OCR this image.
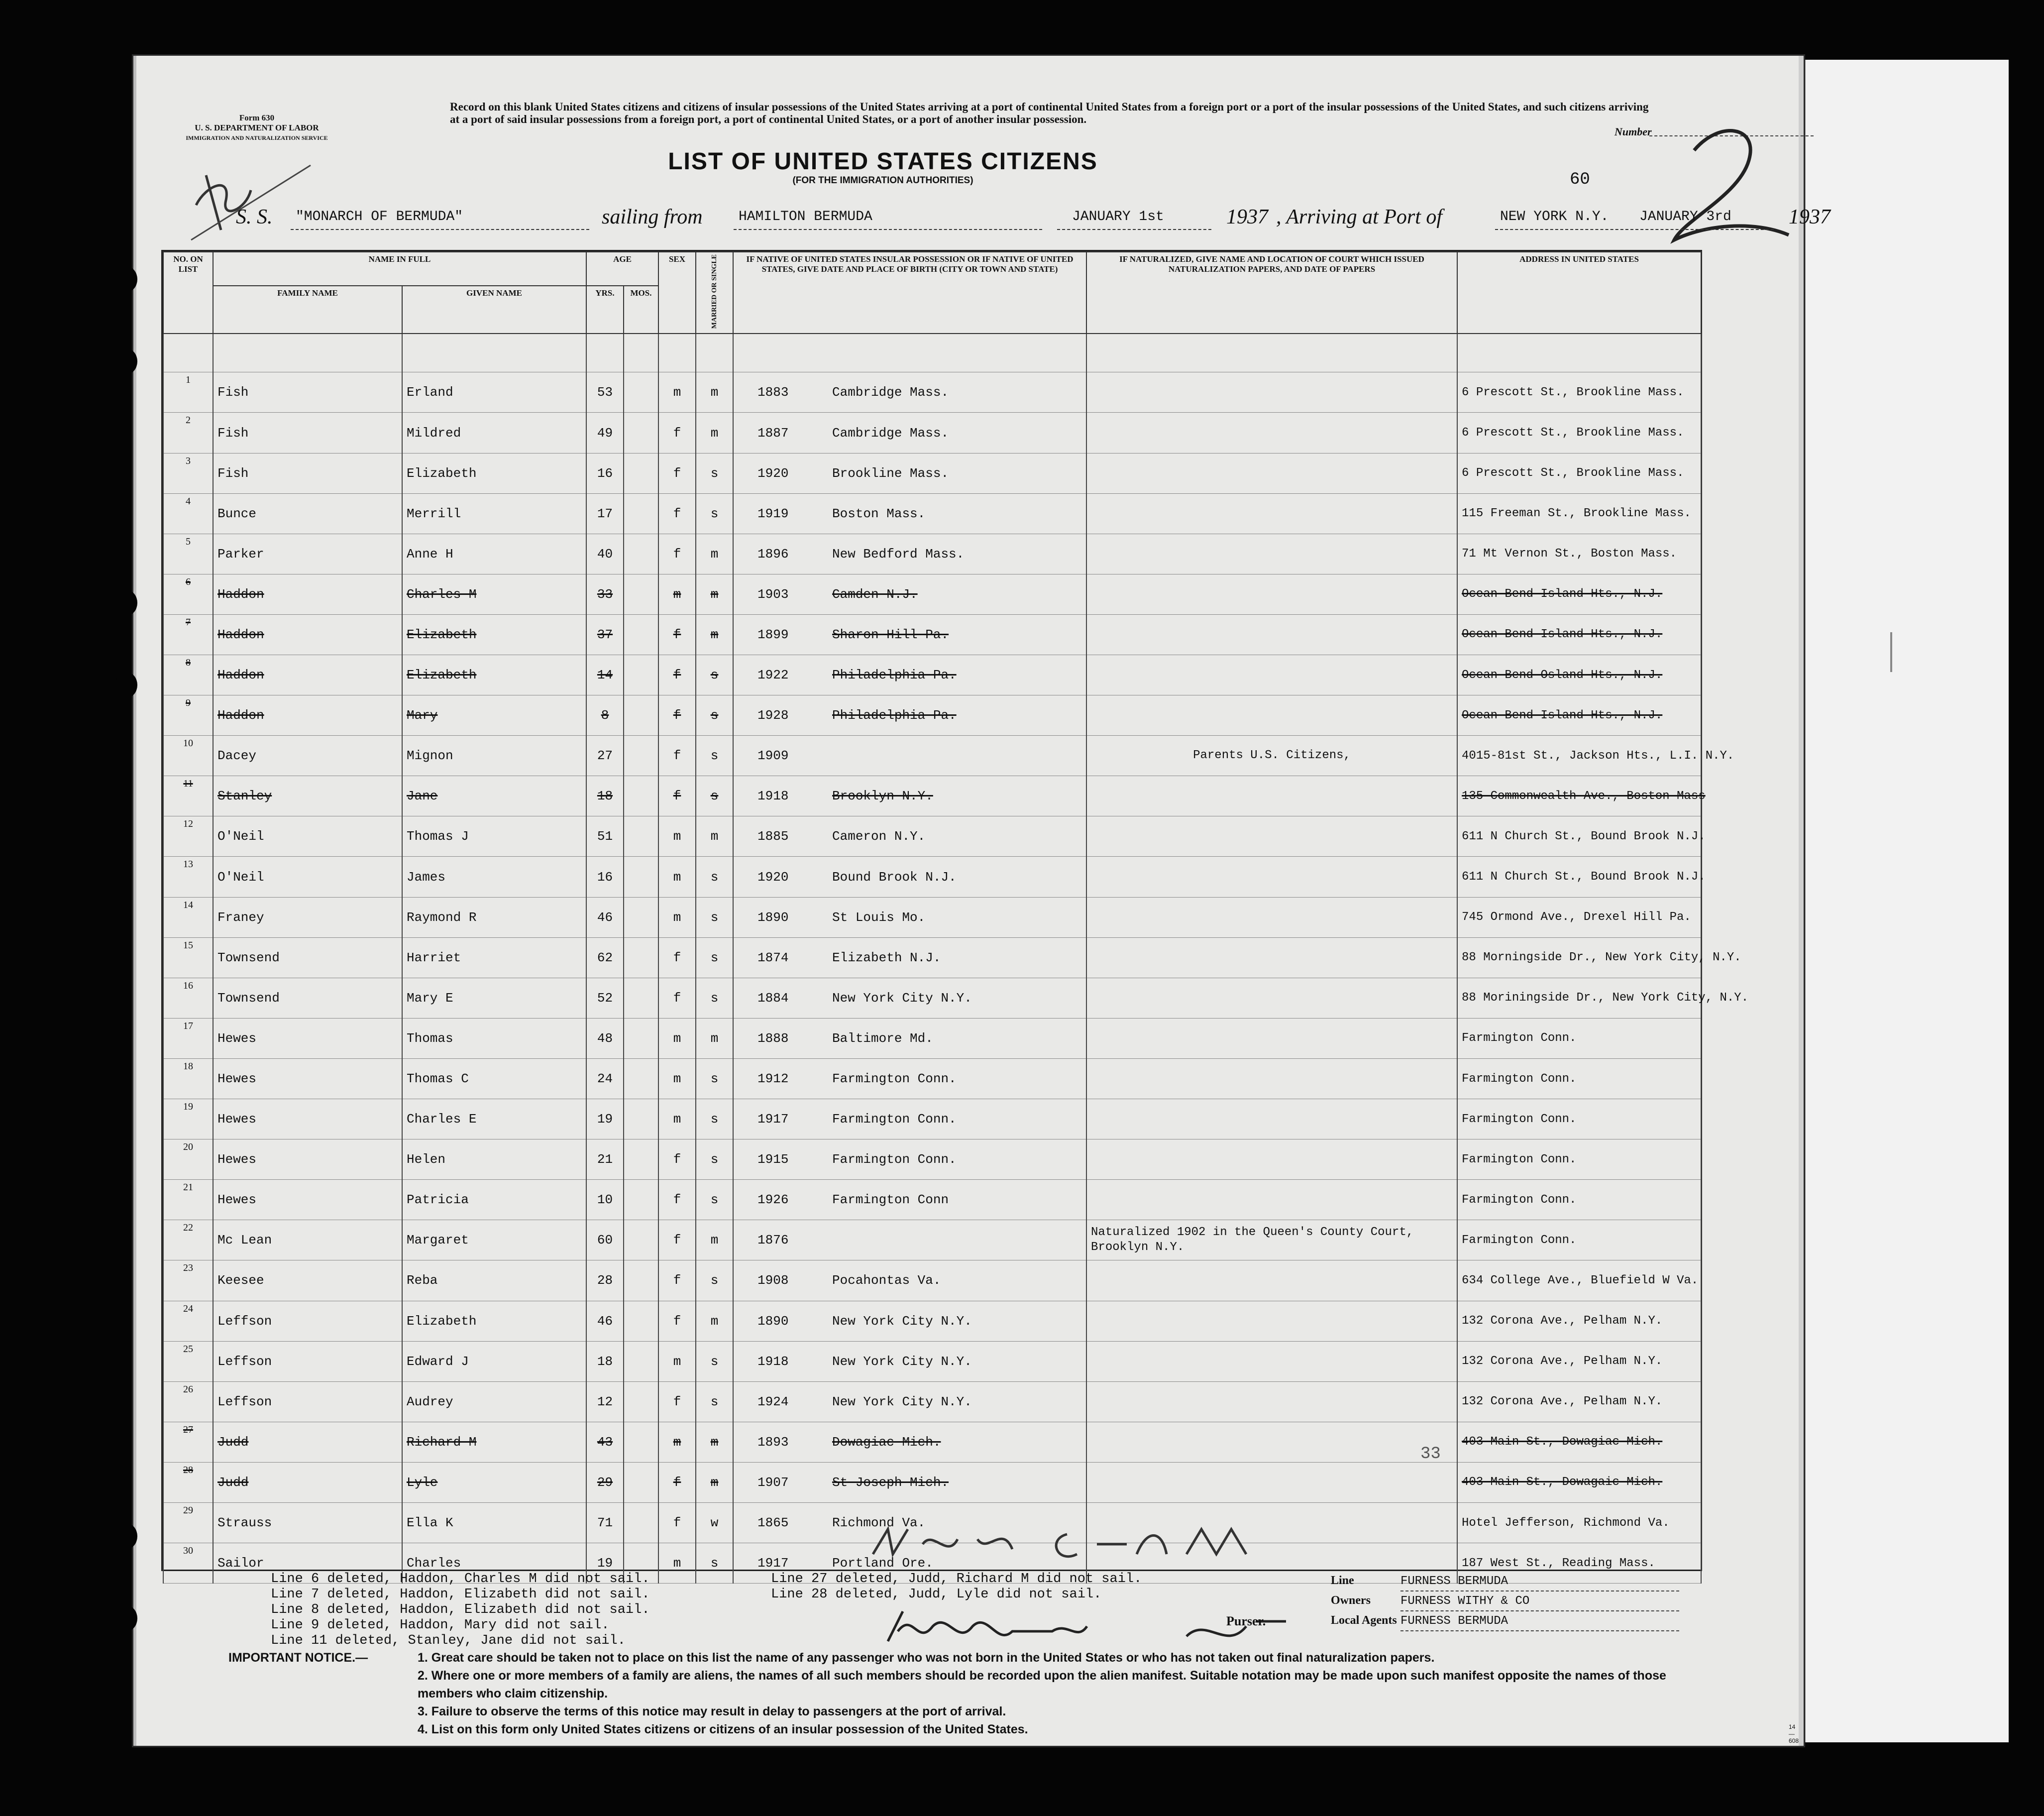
Form 630
U. S. DEPARTMENT OF LABOR
IMMIGRATION AND NATURALIZATION SERVICE
Record on this blank United States citizens and citizens of insular possessions of the United States arriving at a port of continental United States from a foreign port or a port of the insular possessions of the United States, and such citizens arriving at a port of said insular possessions from a foreign port, a port of continental United States, or a port of another insular possession.
Number
LIST OF UNITED STATES CITIZENS
(FOR THE IMMIGRATION AUTHORITIES)	60
S. S. "MONARCH OF BERMUDA"	sailing from	HAMILTON BERMUDA	JANUARY 1st	1937 , Arriving at Port of	NEW YORK N.Y. JANUARY 3rd	1937
NO. ON LIST	NAME IN FULL		AGE		SEX	MARRIED OR SINGLE	IF NATIVE OF UNITED STATES INSULAR POSSESSION OR IF NATIVE OF UNITED STATES, GIVE DATE AND PLACE OF BIRTH (CITY OR TOWN AND STATE)	IF NATURALIZED, GIVE NAME AND LOCATION OF COURT WHICH ISSUED NATURALIZATION PAPERS, AND DATE OF PAPERS	ADDRESS IN UNITED STATES
	FAMILY NAME	GIVEN NAME	YRS.	MOS.					

1	Fish	Erland	53		m	m	1883 Cambridge Mass.		6 Prescott St., Brookline Mass.
2	Fish	Mildred	49		f	m	1887 Cambridge Mass.		6 Prescott St., Brookline Mass.
3	Fish	Elizabeth	16		f	s	1920 Brookline Mass.		6 Prescott St., Brookline Mass.
4	Bunce	Merrill	17		f	s	1919 Boston Mass.		115 Freeman St., Brookline Mass.
5	Parker	Anne H	40		f	m	1896 New Bedford Mass.		71 Mt Vernon St., Boston Mass.
6	Haddon	Charles M	33		m	m	1903 Camden N.J.		Ocean Bend Island Hts., N.J.
7	Haddon	Elizabeth	37		f	m	1899 Sharon Hill Pa.		Ocean Bend Island Hts., N.J.
8	Haddon	Elizabeth	14		f	s	1922 Philadelphia Pa.		Ocean Bend Osland Hts., N.J.
9	Haddon	Mary	8		f	s	1928 Philadelphia Pa.		Ocean Bend Island Hts., N.J.
10	Dacey	Mignon	27		f	s	1909	Parents U.S. Citizens,	4015-81st St., Jackson Hts., L.I. N.Y.
11	Stanley	Jane	18		f	s	1918 Brooklyn N.Y.		135 Commonwealth Ave., Boston Mass
12	O'Neil	Thomas J	51		m	m	1885 Cameron N.Y.		611 N Church St., Bound Brook N.J.
13	O'Neil	James	16		m	s	1920 Bound Brook N.J.		611 N Church St., Bound Brook N.J.
14	Franey	Raymond R	46		m	s	1890 St Louis Mo.		745 Ormond Ave., Drexel Hill Pa.
15	Townsend	Harriet	62		f	s	1874 Elizabeth N.J.		88 Morningside Dr., New York City, N.Y.
16	Townsend	Mary E	52		f	s	1884 New York City N.Y.		88 Moriningside Dr., New York City, N.Y.
17	Hewes	Thomas	48		m	m	1888 Baltimore Md.		Farmington Conn.
18	Hewes	Thomas C	24		m	s	1912 Farmington Conn.		Farmington Conn.
19	Hewes	Charles E	19		m	s	1917 Farmington Conn.		Farmington Conn.
20	Hewes	Helen	21		f	s	1915 Farmington Conn.		Farmington Conn.
21	Hewes	Patricia	10		f	s	1926 Farmington Conn		Farmington Conn.
22	Mc Lean	Margaret	60		f	m	1876	Naturalized 1902 in the Queen's County Court, Brooklyn N.Y.	Farmington Conn.
23	Keesee	Reba	28		f	s	1908 Pocahontas Va.		634 College Ave., Bluefield W Va.
24	Leffson	Elizabeth	46		f	m	1890 New York City N.Y.		132 Corona Ave., Pelham N.Y.
25	Leffson	Edward J	18		m	s	1918 New York City N.Y.		132 Corona Ave., Pelham N.Y.
26	Leffson	Audrey	12		f	s	1924 New York City N.Y.		132 Corona Ave., Pelham N.Y.
27	Judd	Richard M	43		m	m	1893 Dowagiac Mich.		403 Main St., Dowagiac Mich.
28	Judd	Lyle	29		f	m	1907 St Joseph Mich.		403 Main St., Dowagaic Mich.
29	Strauss	Ella K	71		f	w	1865 Richmond Va.		Hotel Jefferson, Richmond Va.
30	Sailor	Charles	19		m	s	1917 Portland Ore.		187 West St., Reading Mass.
33
Line 6 deleted, Haddon, Charles M did not sail.
Line 7 deleted, Haddon, Elizabeth did not sail.
Line 8 deleted, Haddon, Elizabeth did not sail.
Line 9 deleted, Haddon, Mary did not sail.
Line 11 deleted, Stanley, Jane did not sail.
Line 27 deleted, Judd, Richard M did not sail.
Line 28 deleted, Judd, Lyle did not sail.
Purser.
Line	FURNESS BERMUDA
Owners	FURNESS WITHY & CO
Local Agents FURNESS BERMUDA
IMPORTANT NOTICE.—	1. Great care should be taken not to place on this list the name of any passenger who was not born in the United States or who has not taken out final naturalization papers.
2. Where one or more members of a family are aliens, the names of all such members should be recorded upon the alien manifest. Suitable notation may be made upon such manifest opposite the names of those members who claim citizenship.
3. Failure to observe the terms of this notice may result in delay to passengers at the port of arrival.
4. List on this form only United States citizens or citizens of an insular possession of the United States.	14—608
